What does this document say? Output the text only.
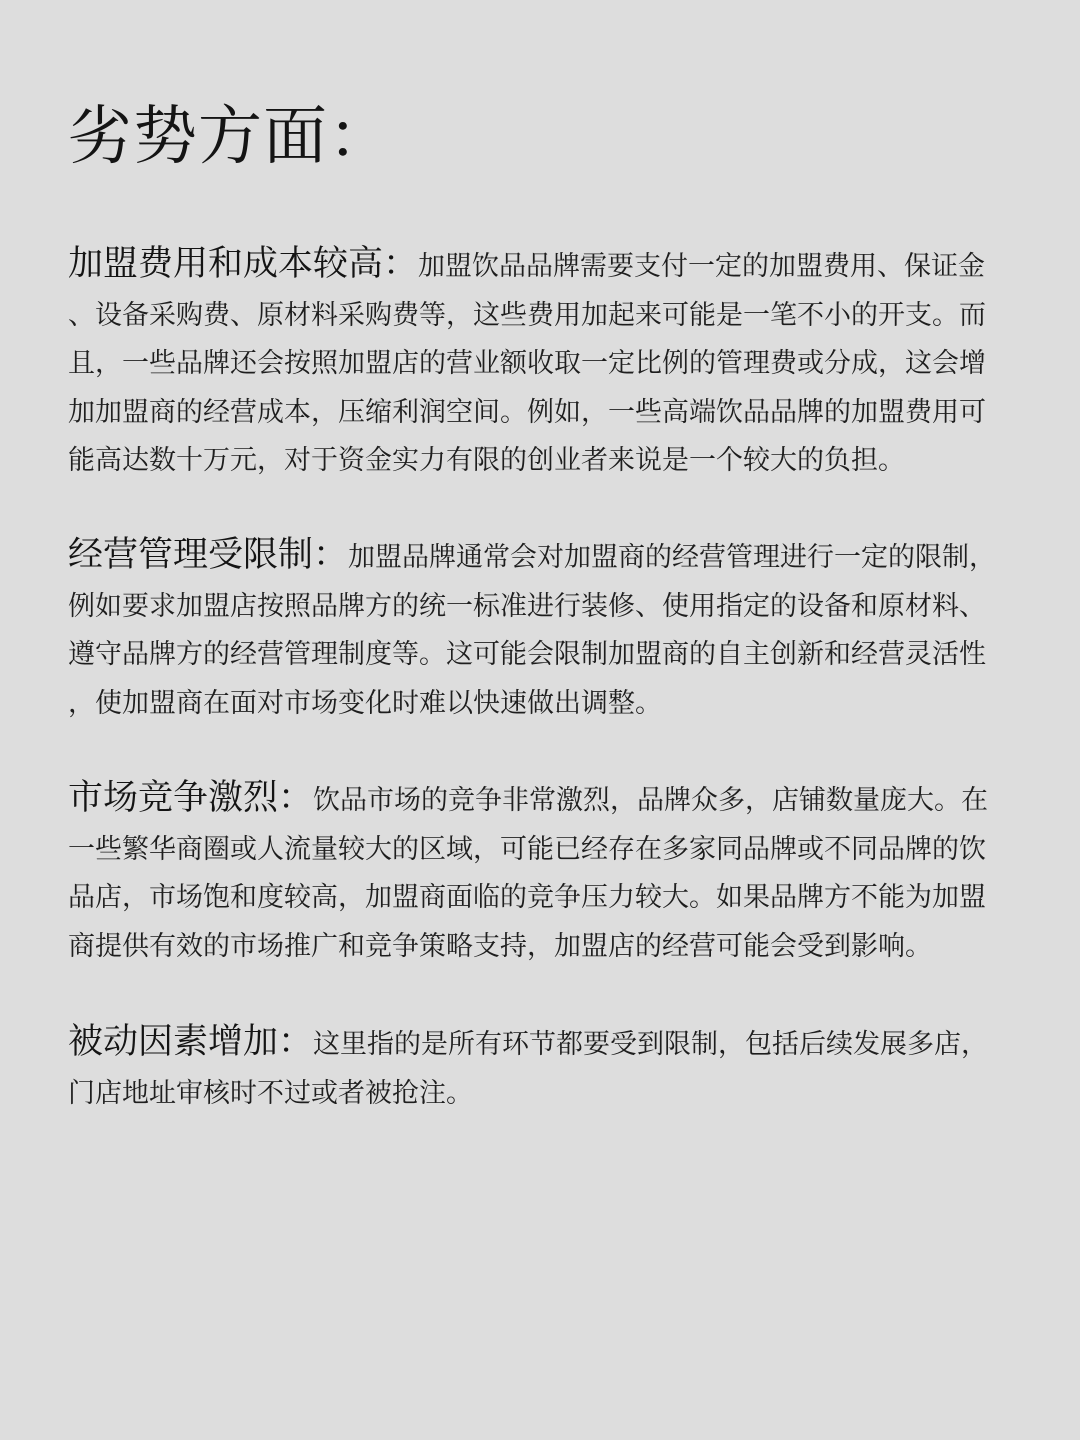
劣势方面：
加盟费用和成本较高：加盟饮品品牌需要支付一定的加盟费用、保证金
、设备采购费、原材料采购费等，这些费用加起来可能是一笔不小的开支。而
且，一些品牌还会按照加盟店的营业额收取一定比例的管理费或分成，这会增
加加盟商的经营成本，压缩利润空间。例如，一些高端饮品品牌的加盟费用可
能高达数十万元，对于资金实力有限的创业者来说是一个较大的负担。
经营管理受限制：加盟品牌通常会对加盟商的经营管理进行一定的限制，
例如要求加盟店按照品牌方的统一标准进行装修、使用指定的设备和原材料、
遵守品牌方的经营管理制度等。这可能会限制加盟商的自主创新和经营灵活性
，使加盟商在面对市场变化时难以快速做出调整。
市场竞争激烈：饮品市场的竞争非常激烈，品牌众多，店铺数量庞大。在
一些繁华商圈或人流量较大的区域，可能已经存在多家同品牌或不同品牌的饮
品店，市场饱和度较高，加盟商面临的竞争压力较大。如果品牌方不能为加盟
商提供有效的市场推广和竞争策略支持，加盟店的经营可能会受到影响。
被动因素增加：这里指的是所有环节都要受到限制，包括后续发展多店，
门店地址审核时不过或者被抢注。
